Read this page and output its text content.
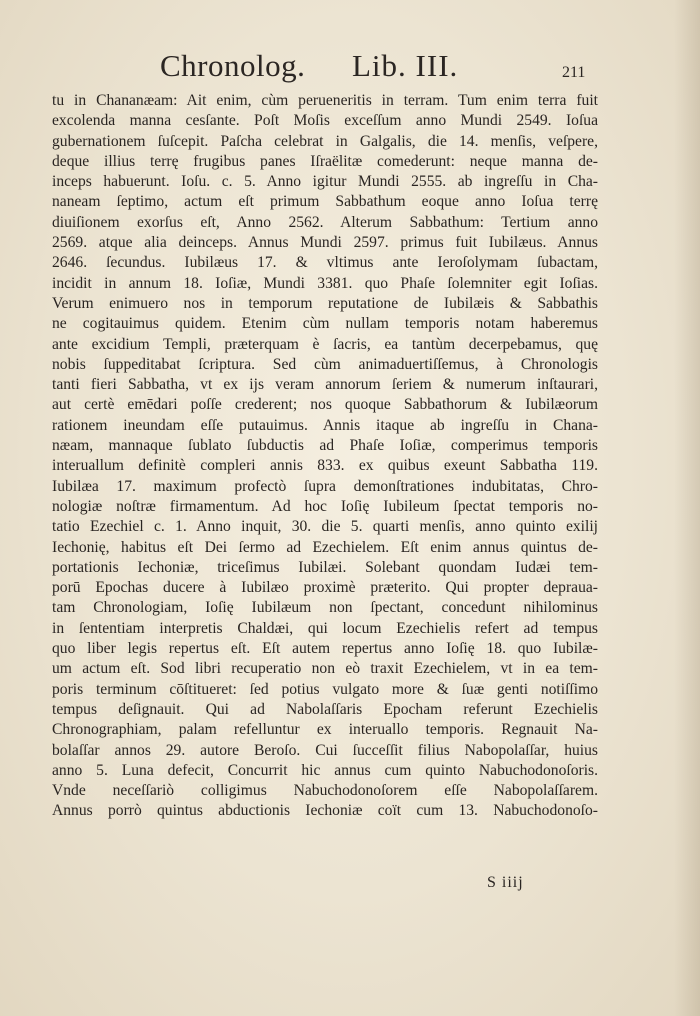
Chronolog. Lib. III.	211
tu in Chananæam: Ait enim, cùm perueneritis in terram. Tum enim terra fuit
excolenda manna cesſante. Poſt Moſis exceſſum anno Mundi 2549. Ioſua
gubernationem ſuſcepit. Paſcha celebrat in Galgalis, die 14. menſis, veſpere,
deque illius terrę frugibus panes Iſraëlitæ comederunt: neque manna de-
inceps habuerunt. Ioſu. c. 5. Anno igitur Mundi 2555. ab ingreſſu in Cha-
naneam ſeptimo, actum eſt primum Sabbathum eoque anno Ioſua terrę
diuiſionem exorſus eſt, Anno 2562. Alterum Sabbathum: Tertium anno
2569. atque alia deinceps. Annus Mundi 2597. primus fuit Iubilæus. Annus
2646. ſecundus. Iubilæus 17. & vltimus ante Ieroſolymam ſubactam,
incidit in annum 18. Ioſiæ, Mundi 3381. quo Phaſe ſolemniter egit Ioſias.
Verum enimuero nos in temporum reputatione de Iubilæis & Sabbathis
ne cogitauimus quidem. Etenim cùm nullam temporis notam haberemus
ante excidium Templi, præterquam è ſacris, ea tantùm decerpebamus, quę
nobis ſuppeditabat ſcriptura. Sed cùm animaduertiſſemus, à Chronologis
tanti fieri Sabbatha, vt ex ijs veram annorum ſeriem & numerum inſtaurari,
aut certè emēdari poſſe crederent; nos quoque Sabbathorum & Iubilæorum
rationem ineundam eſſe putauimus. Annis itaque ab ingreſſu in Chana-
næam, mannaque ſublato ſubductis ad Phaſe Ioſiæ, comperimus temporis
interuallum definitè compleri annis 833. ex quibus exeunt Sabbatha 119.
Iubilæa 17. maximum profectò ſupra demonſtrationes indubitatas, Chro-
nologiæ noſtræ firmamentum. Ad hoc Ioſię Iubileum ſpectat temporis no-
tatio Ezechiel c. 1. Anno inquit, 30. die 5. quarti menſis, anno quinto exilij
Iechonię, habitus eſt Dei ſermo ad Ezechielem. Eſt enim annus quintus de-
portationis Iechoniæ, triceſimus Iubilæi. Solebant quondam Iudæi tem-
porū Epochas ducere à Iubilæo proximè præterito. Qui propter deprauа-
tam Chronologiam, Ioſię Iubilæum non ſpectant, concedunt nihilominus
in ſententiam interpretis Chaldæi, qui locum Ezechielis refert ad tempus
quo liber legis repertus eſt. Eſt autem repertus anno Ioſię 18. quo Iubilæ-
um actum eſt. Sod libri recuperatio non eò traxit Ezechielem, vt in ea tem-
poris terminum cōſtitueret: ſed potius vulgato more & ſuæ genti notiſſimo
tempus deſignauit. Qui ad Nabolaſſaris Epocham referunt Ezechielis
Chronographiam, palam refelluntur ex interuallo temporis. Regnauit Na-
bolaſſar annos 29. autore Beroſo. Cui ſucceſſit filius Nabopolaſſar, huius
anno 5. Luna defecit, Concurrit hic annus cum quinto Nabuchodonoſoris.
Vnde neceſſariò colligimus Nabuchodonoſorem eſſe Nabopolaſſarem.
Annus porrò quintus abductionis Iechoniæ coït cum 13. Nabuchodonoſo-
S iiij
